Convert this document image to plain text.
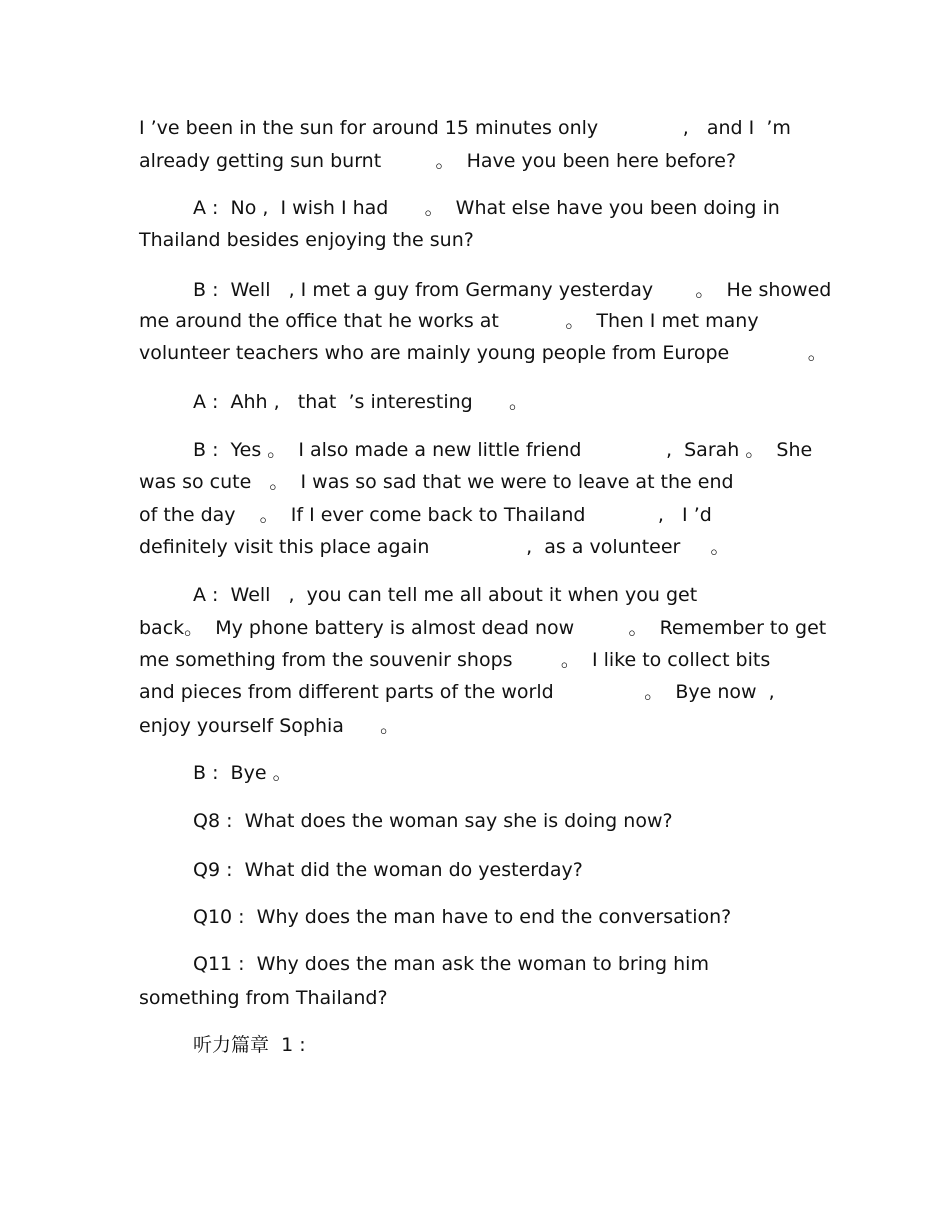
I ’ve been in the sun for around 15 minutes only              ,   and I  ’m
already getting sun burnt         。  Have you been here before?
A :  No ,  I wish I had      。  What else have you been doing in
Thailand besides enjoying the sun?
B :  Well   , I met a guy from Germany yesterday       。  He showed
me around the office that he works at           。  Then I met many
volunteer teachers who are mainly young people from Europe             。
A :  Ahh ,   that  ’s interesting      。
B :  Yes 。  I also made a new little friend              ,  Sarah 。  She
was so cute   。  I was so sad that we were to leave at the end
of the day    。  If I ever come back to Thailand            ,   I ’d
definitely visit this place again                ,  as a volunteer     。
A :  Well   ,  you can tell me all about it when you get
back。  My phone battery is almost dead now         。  Remember to get
me something from the souvenir shops        。  I like to collect bits
and pieces from different parts of the world               。  Bye now  ,
enjoy yourself Sophia      。
B :  Bye 。
Q8 :  What does the woman say she is doing now?
Q9 :  What did the woman do yesterday?
Q10 :  Why does the man have to end the conversation?
Q11 :  Why does the man ask the woman to bring him
something from Thailand?
听力篇章  1 :
